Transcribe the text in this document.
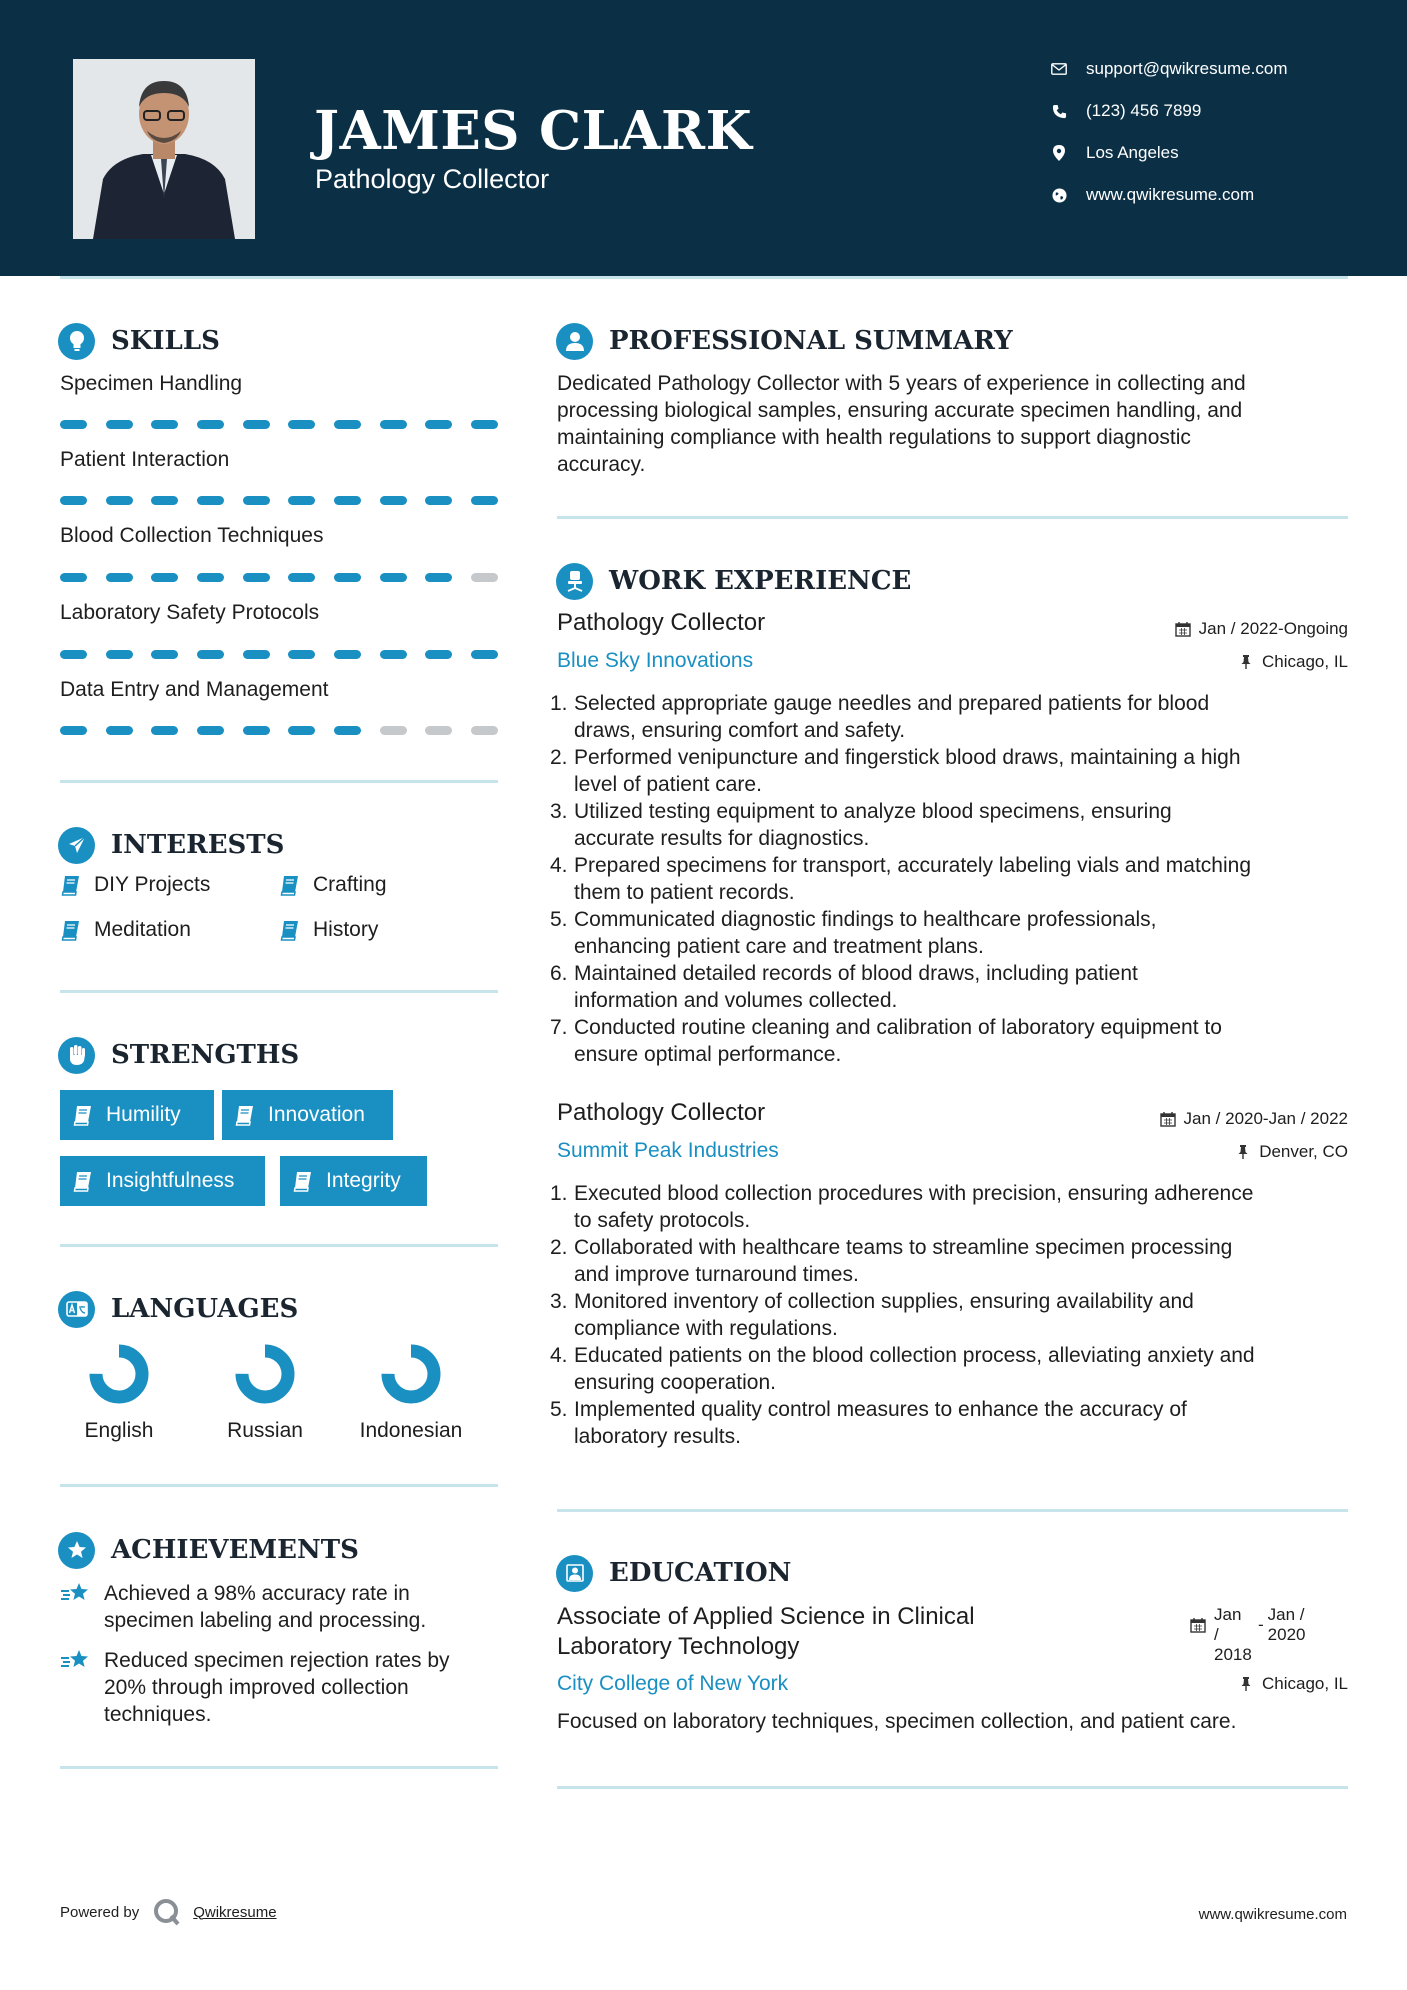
JAMES CLARK
Pathology Collector
support@qwikresume.com
(123) 456 7899
Los Angeles
www.qwikresume.com
SKILLS
Specimen Handling
Patient Interaction
Blood Collection Techniques
Laboratory Safety Protocols
Data Entry and Management
INTERESTS
DIY Projects	Crafting
Meditation	History
STRENGTHS
Humility	Innovation
Insightfulness	Integrity
LANGUAGES
English	Russian	Indonesian
ACHIEVEMENTS
Achieved a 98% accuracy rate in
specimen labeling and processing.
Reduced specimen rejection rates by
20% through improved collection
techniques.
PROFESSIONAL SUMMARY
Dedicated Pathology Collector with 5 years of experience in collecting and
processing biological samples, ensuring accurate specimen handling, and
maintaining compliance with health regulations to support diagnostic
accuracy.
WORK EXPERIENCE
Pathology Collector	Jan / 2022-Ongoing
Blue Sky Innovations	Chicago, IL
1. Selected appropriate gauge needles and prepared patients for blood
draws, ensuring comfort and safety.
2. Performed venipuncture and fingerstick blood draws, maintaining a high
level of patient care.
3. Utilized testing equipment to analyze blood specimens, ensuring
accurate results for diagnostics.
4. Prepared specimens for transport, accurately labeling vials and matching
them to patient records.
5. Communicated diagnostic findings to healthcare professionals,
enhancing patient care and treatment plans.
6. Maintained detailed records of blood draws, including patient
information and volumes collected.
7. Conducted routine cleaning and calibration of laboratory equipment to
ensure optimal performance.
Pathology Collector	Jan / 2020-Jan / 2022
Summit Peak Industries	Denver, CO
1. Executed blood collection procedures with precision, ensuring adherence
to safety protocols.
2. Collaborated with healthcare teams to streamline specimen processing
and improve turnaround times.
3. Monitored inventory of collection supplies, ensuring availability and
compliance with regulations.
4. Educated patients on the blood collection process, alleviating anxiety and
ensuring cooperation.
5. Implemented quality control measures to enhance the accuracy of
laboratory results.
EDUCATION
Associate of Applied Science in Clinical
Laboratory Technology
Jan /
2018
-
Jan /
2020
City College of New York	Chicago, IL
Focused on laboratory techniques, specimen collection, and patient care.
Powered by	Qwikresume	www.qwikresume.com
